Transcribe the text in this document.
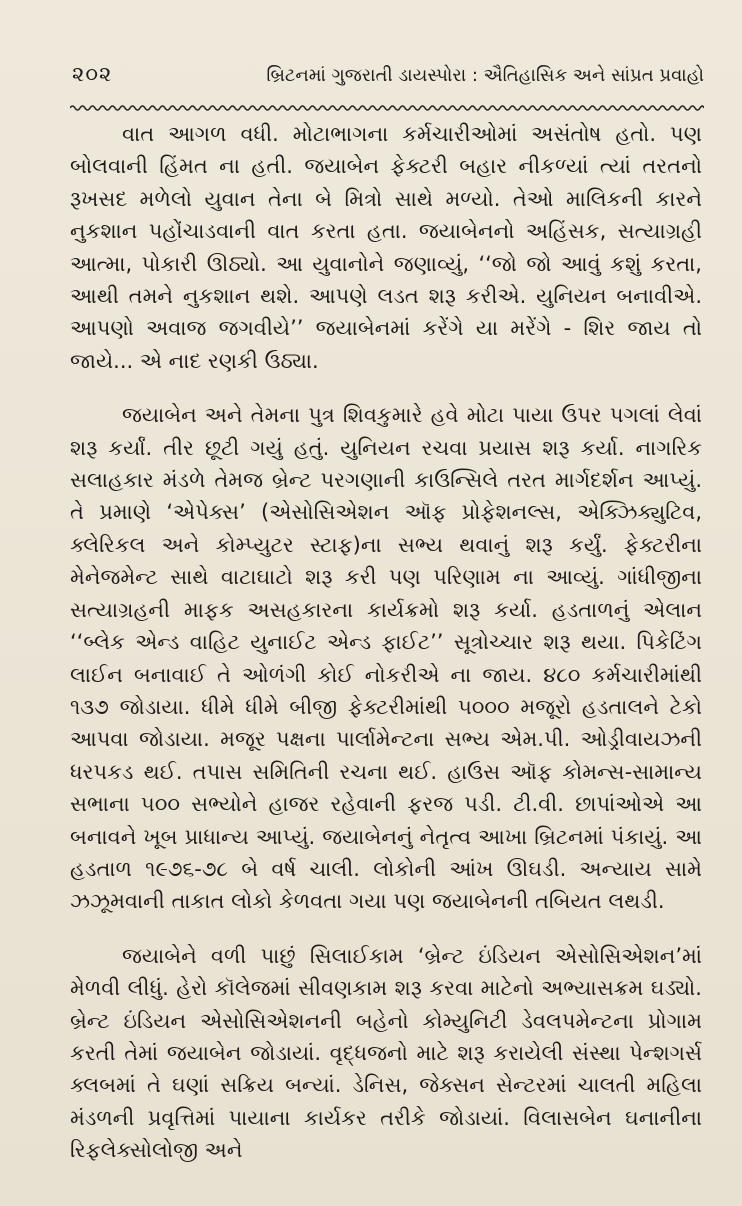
૨૦૨	બ્રિટનમાં ગુજરાતી ડાયસ્પોરા : ઐતિહાસિક અને સાંપ્રત પ્રવાહો

વાત આગળ વધી. મોટાભાગના કર્મચારીઓમાં અસંતોષ હતો. પણ બોલવાની હિંમત ના હતી. જયાબેન ફેક્ટરી બહાર નીકળ્યાં ત્યાં તરતનો રૂખસદ મળેલો યુવાન તેના બે મિત્રો સાથે મળ્યો. તેઓ માલિકની કારને નુકશાન પહોંચાડવાની વાત કરતા હતા. જયાબેનનો અહિંસક, સત્યાગ્રહી આત્મા, પોકારી ઊઠ્યો. આ યુવાનોને જણાવ્યું, ‘‘જો જો આવું કશું કરતા, આથી તમને નુકશાન થશે. આપણે લડત શરૂ કરીએ. યુનિયન બનાવીએ. આપણો અવાજ જગવીયે’’ જયાબેનમાં કરેંગે યા મરેંગે - શિર જાય તો જાયે... એ નાદ રણકી ઉઠ્યા.

જયાબેન અને તેમના પુત્ર શિવકુમારે હવે મોટા પાયા ઉપર પગલાં લેવાં શરૂ કર્યાં. તીર છૂટી ગયું હતું. યુનિયન રચવા પ્રયાસ શરૂ કર્યા. નાગરિક સલાહકાર મંડળે તેમજ બ્રેન્ટ પરગણાની કાઉન્સિલે તરત માર્ગદર્શન આપ્યું. તે પ્રમાણે ‘એપેક્સ’ (એસોસિએશન ઑફ પ્રોફેશનલ્સ, એક્ઝિક્યુટિવ, ક્લેરિકલ અને કોમ્પ્યુટર સ્ટાફ)ના સભ્ય થવાનું શરૂ કર્યું. ફેક્ટરીના મેનેજમેન્ટ સાથે વાટાઘાટો શરૂ કરી પણ પરિણામ ના આવ્યું. ગાંધીજીના સત્યાગ્રહની માફક અસહકારના કાર્યક્રમો શરૂ કર્યા. હડતાળનું એલાન ‘‘બ્લેક એન્ડ વાહિટ યુનાઈટ એન્ડ ફાઈટ’’ સૂત્રોચ્ચાર શરૂ થયા. પિકેટિંગ લાઈન બનાવાઈ તે ઓળંગી કોઈ નોકરીએ ના જાય. ૪૮૦ કર્મચારીમાંથી ૧૩૭ જોડાયા. ધીમે ધીમે બીજી ફેક્ટરીમાંથી ૫૦૦૦ મજૂરો હડતાલને ટેકો આપવા જોડાયા. મજૂર પક્ષના પાર્લામેન્ટના સભ્ય એમ.પી. ઓડ્રીવાયઝની ધરપકડ થઈ. તપાસ સમિતિની રચના થઈ. હાઉસ ઑફ કોમન્સ-સામાન્ય સભાના ૫૦૦ સભ્યોને હાજર રહેવાની ફરજ પડી. ટી.વી. છાપાંઓએ આ બનાવને ખૂબ પ્રાધાન્ય આપ્યું. જયાબેનનું નેતૃત્વ આખા બ્રિટનમાં પંકાયું. આ હડતાળ ૧૯૭૬-૭૮ બે વર્ષ ચાલી. લોકોની આંખ ઊઘડી. અન્યાય સામે ઝઝૂમવાની તાકાત લોકો કેળવતા ગયા પણ જયાબેનની તબિયત લથડી.

જયાબેને વળી પાછું સિલાઈકામ ‘બ્રેન્ટ ઇંડિયન એસોસિએશન’માં મેળવી લીધું. હેરો કૉલેજમાં સીવણકામ શરૂ કરવા માટેનો અભ્યાસક્રમ ઘડ્યો. બ્રેન્ટ ઇંડિયન એસોસિએશનની બહેનો કોમ્યુનિટી ડેવલપમેન્ટના પ્રોગામ કરતી તેમાં જયાબેન જોડાયાં. વૃદ્ધજનો માટે શરૂ કરાયેલી સંસ્થા પેન્શગર્સ ક્લબમાં તે ઘણાં સક્રિય બન્યાં. ડેનિસ, જેક્સન સેન્ટરમાં ચાલતી મહિલા મંડળની પ્રવૃત્તિમાં પાયાના કાર્યકર તરીકે જોડાયાં. વિલાસબેન ઘનાનીના રિફલેક્સોલોજી અને
